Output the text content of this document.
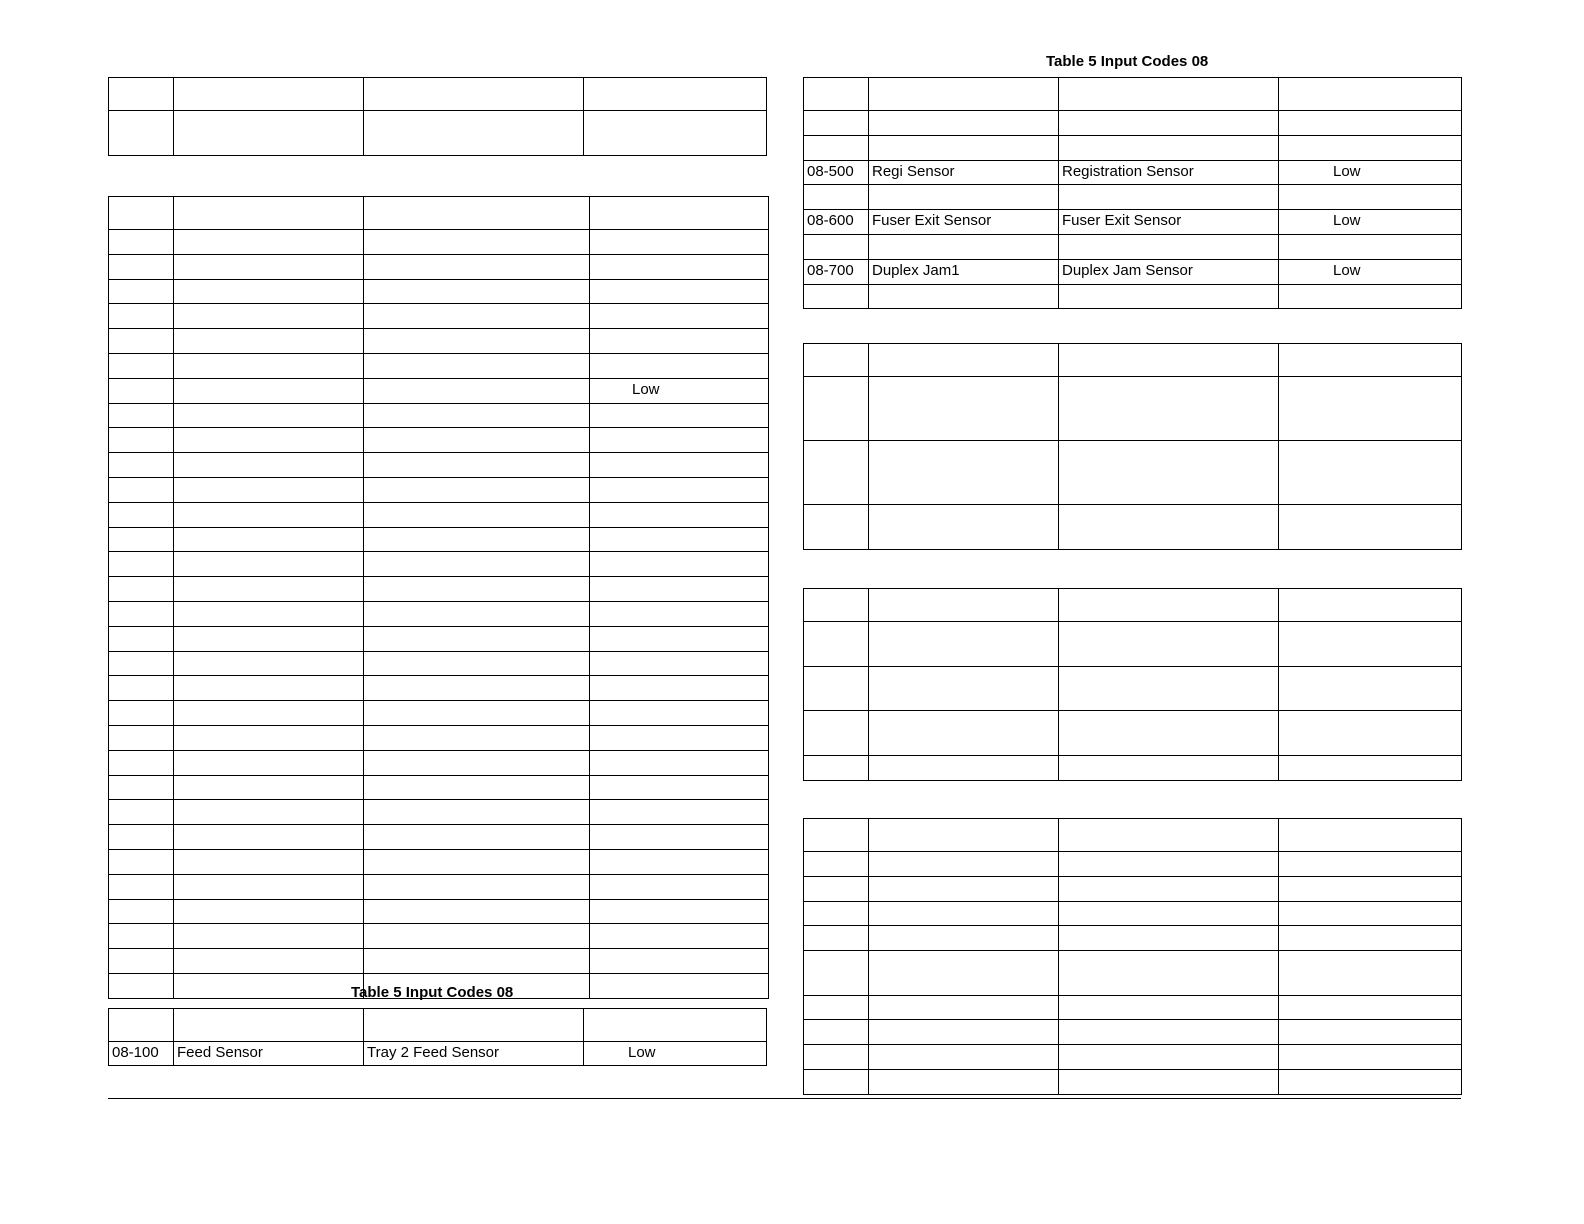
Table 5 Input Codes 08

			Low

Table 5 Input Codes 08

08-100	Feed Sensor	Tray 2 Feed Sensor	Low

08-500	Regi Sensor	Registration Sensor	Low

08-600	Fuser Exit Sensor	Fuser Exit Sensor	Low

08-700	Duplex Jam1	Duplex Jam Sensor	Low
